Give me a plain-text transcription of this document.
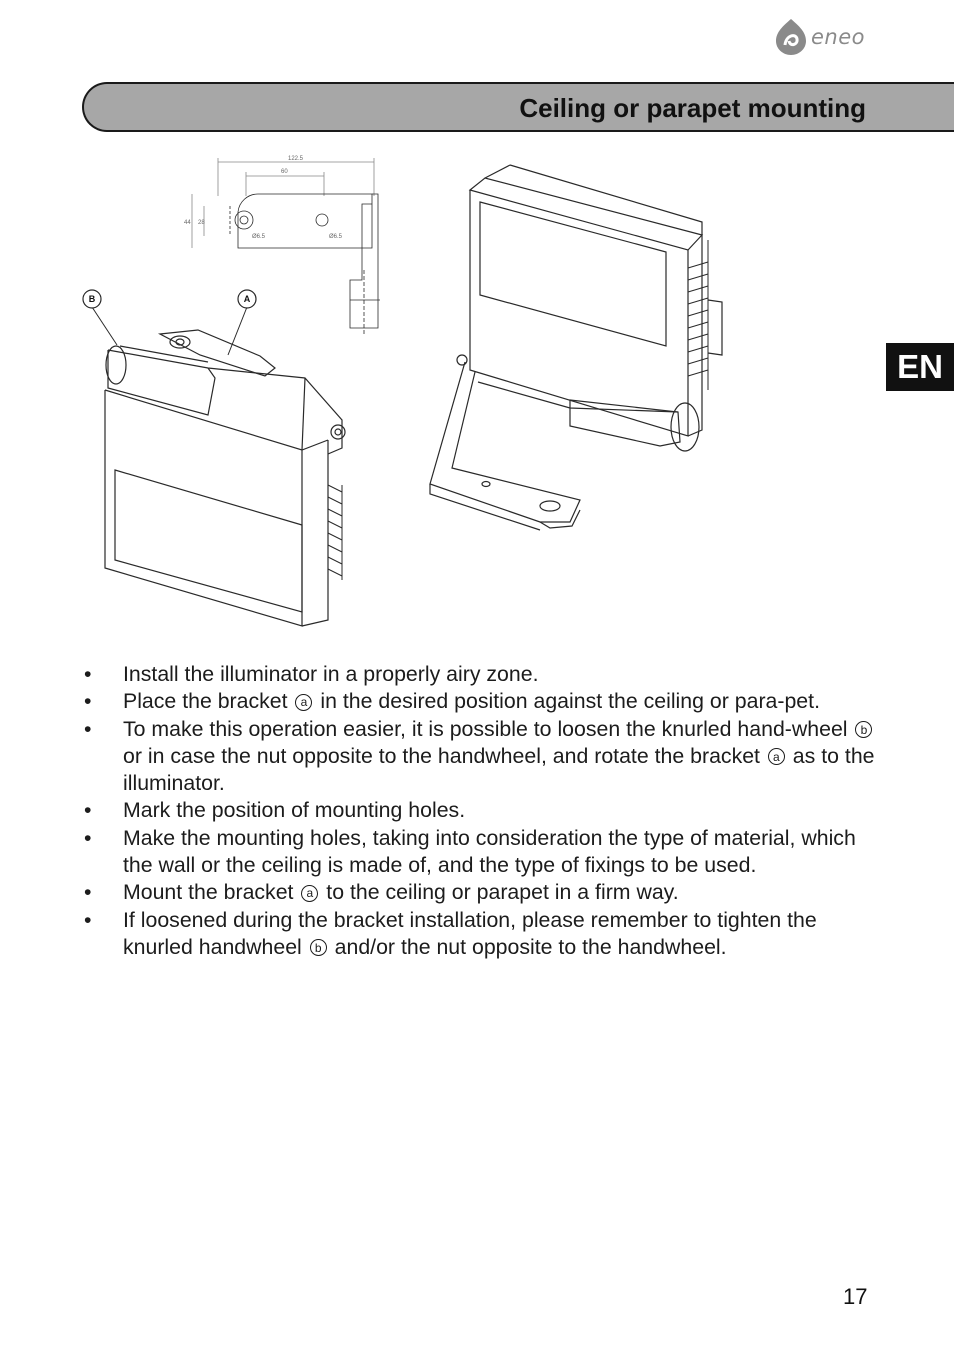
eneo
Ceiling or parapet mounting
EN
122.5
60
44 28
Ø6.5	Ø6.5
B	A
• Install the illuminator in a properly airy zone.
• Place the bracket a in the desired position against the ceiling or para-pet.
• To make this operation easier, it is possible to loosen the knurled hand-wheel b or in case the nut opposite to the handwheel, and rotate the bracket a as to the illuminator.
• Mark the position of mounting holes.
• Make the mounting holes, taking into consideration the type of material, which the wall or the ceiling is made of, and the type of fixings to be used.
• Mount the bracket a to the ceiling or parapet in a firm way.
• If loosened during the bracket installation, please remember to tighten the knurled handwheel b and/or the nut opposite to the handwheel.
17
